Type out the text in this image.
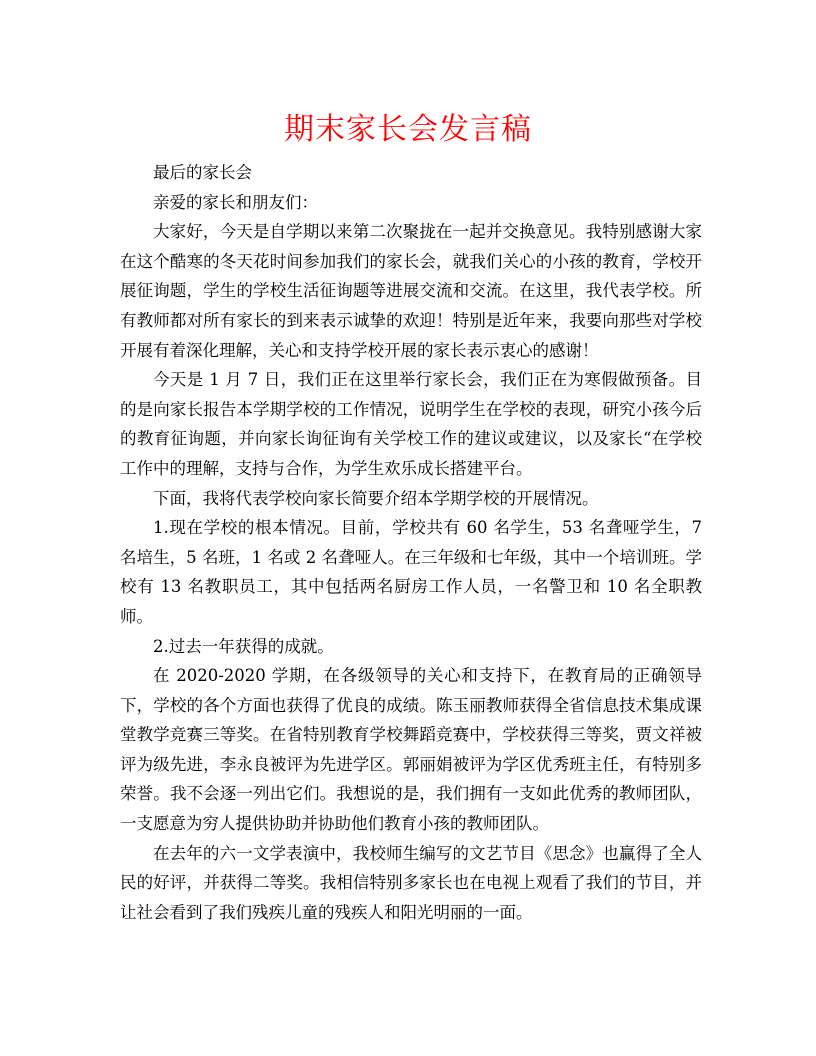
期末家长会发言稿

最后的家长会

亲爱的家长和朋友们：

大家好，今天是自学期以来第二次聚拢在一起并交换意见。我特别感谢大家在这个酷寒的冬天花时间参加我们的家长会，就我们关心的小孩的教育，学校开展征询题，学生的学校生活征询题等进展交流和交流。在这里，我代表学校。所有教师都对所有家长的到来表示诚挚的欢迎！特别是近年来，我要向那些对学校开展有着深化理解，关心和支持学校开展的家长表示衷心的感谢！

今天是 1 月 7 日，我们正在这里举行家长会，我们正在为寒假做预备。目的是向家长报告本学期学校的工作情况，说明学生在学校的表现，研究小孩今后的教育征询题，并向家长询征询有关学校工作的建议或建议，以及家长“在学校工作中的理解，支持与合作，为学生欢乐成长搭建平台。

下面，我将代表学校向家长简要介绍本学期学校的开展情况。

1.现在学校的根本情况。目前，学校共有 60 名学生，53 名聋哑学生，7 名培生，5 名班，1 名或 2 名聋哑人。在三年级和七年级，其中一个培训班。学校有 13 名教职员工，其中包括两名厨房工作人员，一名警卫和 10 名全职教师。

2.过去一年获得的成就。

在 2020-2020 学期，在各级领导的关心和支持下，在教育局的正确领导下，学校的各个方面也获得了优良的成绩。陈玉丽教师获得全省信息技术集成课堂教学竞赛三等奖。在省特别教育学校舞蹈竞赛中，学校获得三等奖，贾文祥被评为级先进，李永良被评为先进学区。郭丽娟被评为学区优秀班主任，有特别多荣誉。我不会逐一列出它们。我想说的是，我们拥有一支如此优秀的教师团队，一支愿意为穷人提供协助并协助他们教育小孩的教师团队。

在去年的六一文学表演中，我校师生编写的文艺节目《思念》也赢得了全人民的好评，并获得二等奖。我相信特别多家长也在电视上观看了我们的节目，并让社会看到了我们残疾儿童的残疾人和阳光明丽的一面。
